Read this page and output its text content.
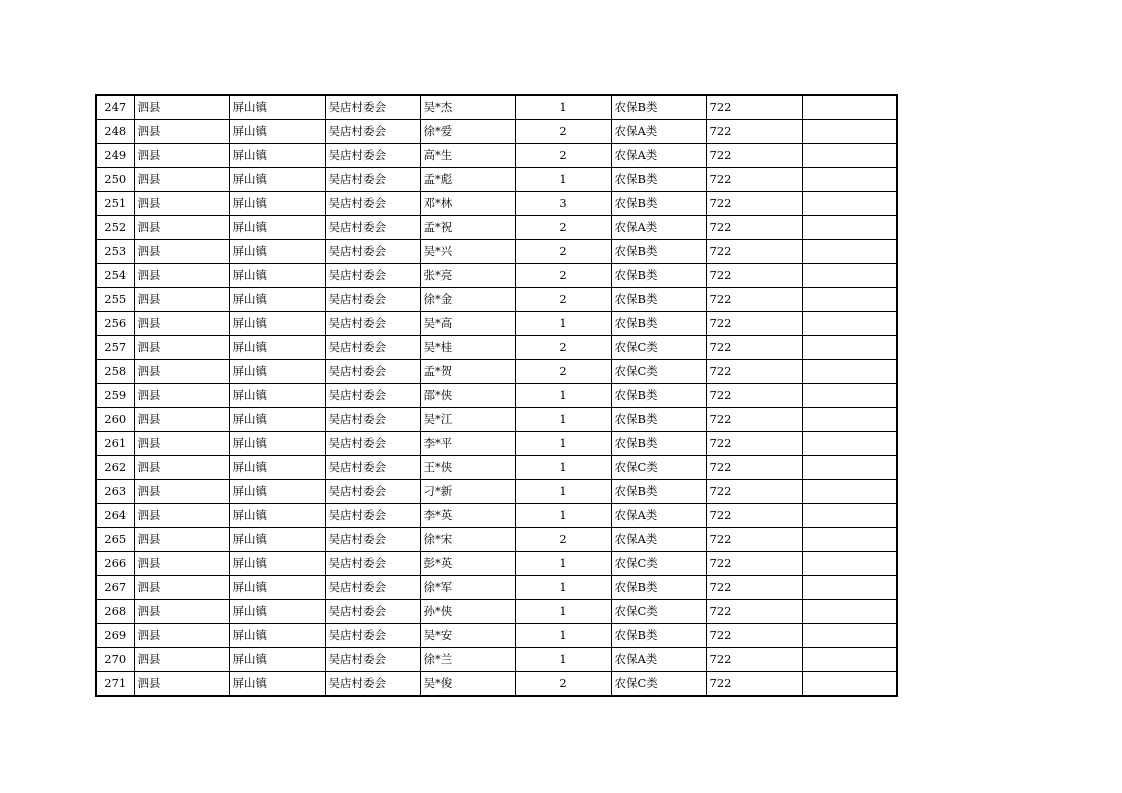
247	泗县	屏山镇	吴店村委会	吴*杰	1	农保B类	722	
248	泗县	屏山镇	吴店村委会	徐*爱	2	农保A类	722	
249	泗县	屏山镇	吴店村委会	高*生	2	农保A类	722	
250	泗县	屏山镇	吴店村委会	孟*彪	1	农保B类	722	
251	泗县	屏山镇	吴店村委会	邓*林	3	农保B类	722	
252	泗县	屏山镇	吴店村委会	孟*祝	2	农保A类	722	
253	泗县	屏山镇	吴店村委会	吴*兴	2	农保B类	722	
254	泗县	屏山镇	吴店村委会	张*亮	2	农保B类	722	
255	泗县	屏山镇	吴店村委会	徐*金	2	农保B类	722	
256	泗县	屏山镇	吴店村委会	吴*高	1	农保B类	722	
257	泗县	屏山镇	吴店村委会	吴*桂	2	农保C类	722	
258	泗县	屏山镇	吴店村委会	孟*贺	2	农保C类	722	
259	泗县	屏山镇	吴店村委会	邵*侠	1	农保B类	722	
260	泗县	屏山镇	吴店村委会	吴*江	1	农保B类	722	
261	泗县	屏山镇	吴店村委会	李*平	1	农保B类	722	
262	泗县	屏山镇	吴店村委会	王*侠	1	农保C类	722	
263	泗县	屏山镇	吴店村委会	刁*新	1	农保B类	722	
264	泗县	屏山镇	吴店村委会	李*英	1	农保A类	722	
265	泗县	屏山镇	吴店村委会	徐*宋	2	农保A类	722	
266	泗县	屏山镇	吴店村委会	彭*英	1	农保C类	722	
267	泗县	屏山镇	吴店村委会	徐*军	1	农保B类	722	
268	泗县	屏山镇	吴店村委会	孙*侠	1	农保C类	722	
269	泗县	屏山镇	吴店村委会	吴*安	1	农保B类	722	
270	泗县	屏山镇	吴店村委会	徐*兰	1	农保A类	722	
271	泗县	屏山镇	吴店村委会	吴*俊	2	农保C类	722	
